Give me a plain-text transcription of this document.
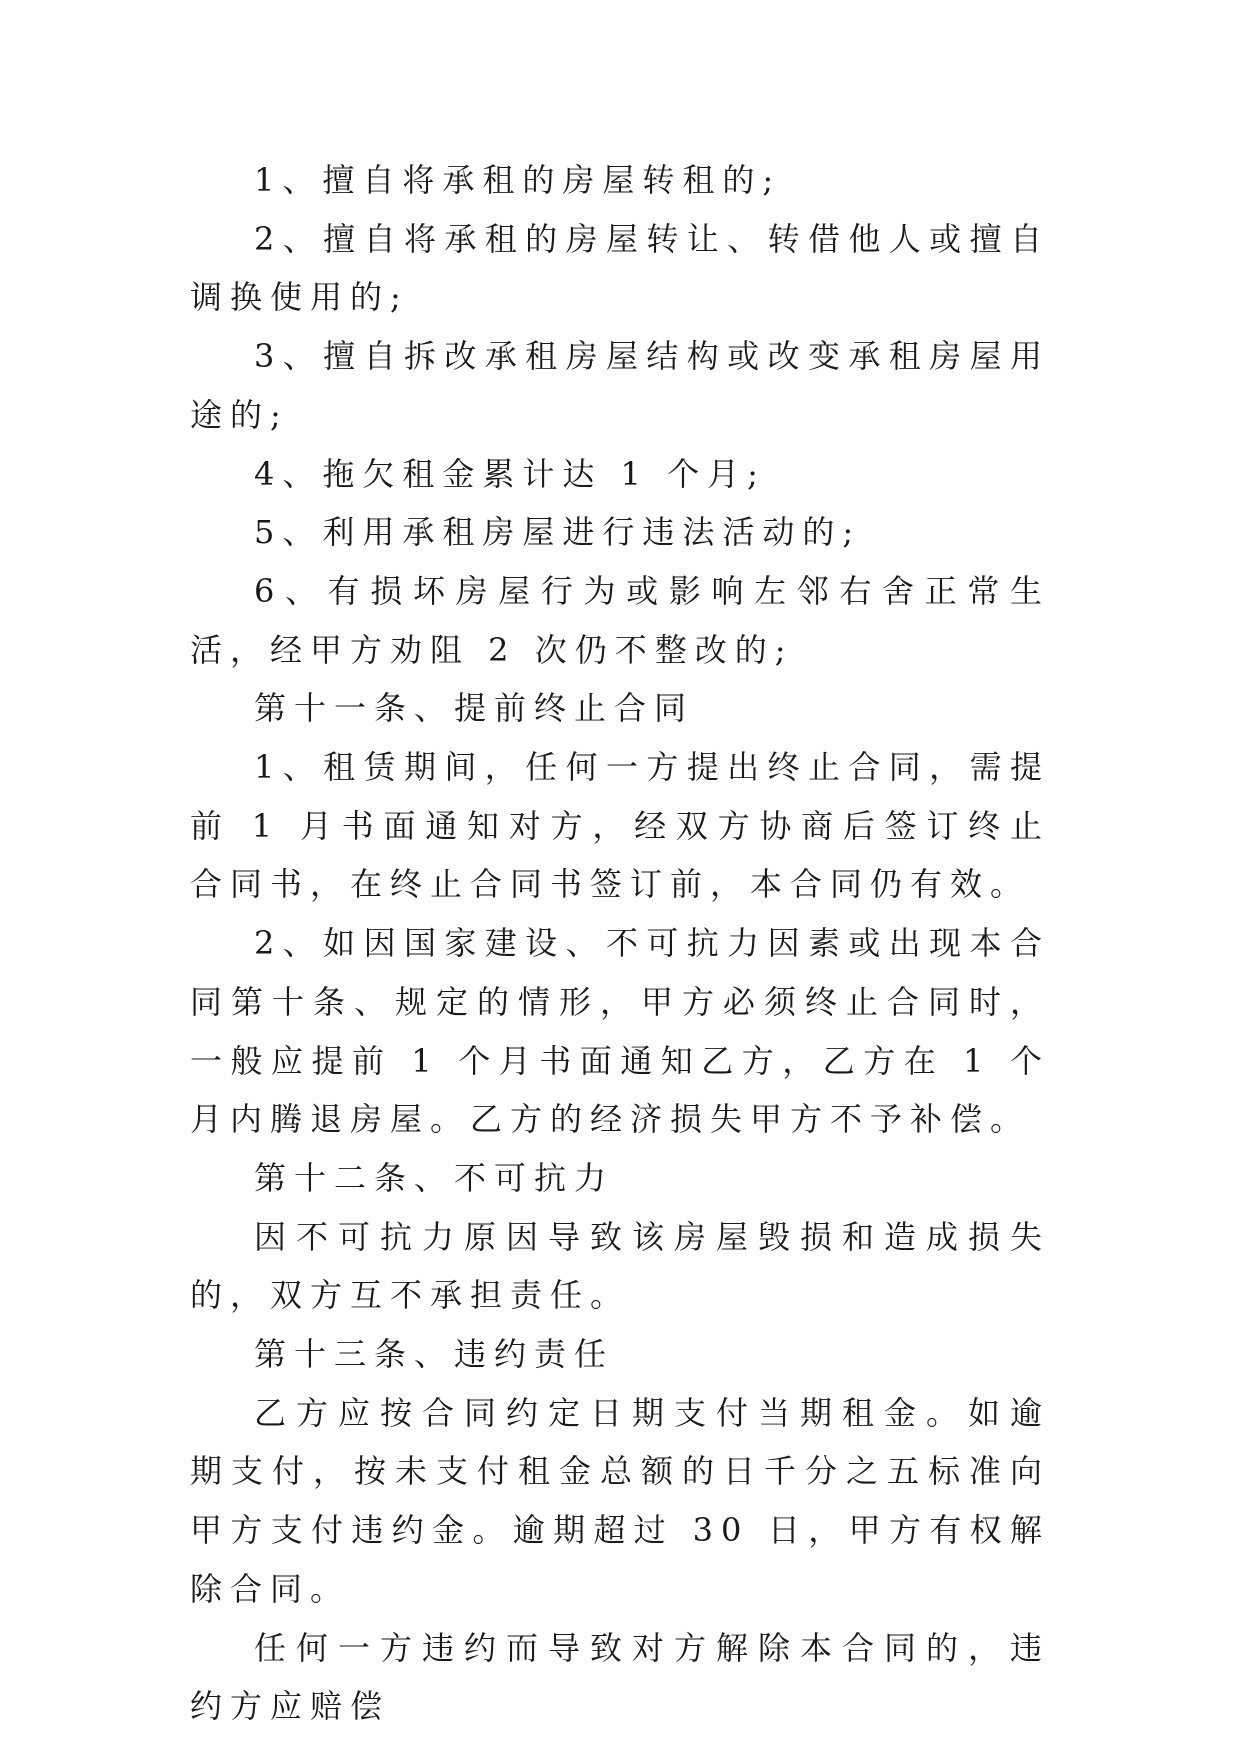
1、擅自将承租的房屋转租的;

2、擅自将承租的房屋转让、转借他人或擅自调换使用的;

3、擅自拆改承租房屋结构或改变承租房屋用途的;

4、拖欠租金累计达 1 个月;

5、利用承租房屋进行违法活动的;

6、有损坏房屋行为或影响左邻右舍正常生活，经甲方劝阻 2 次仍不整改的;

第十一条、提前终止合同

1、租赁期间，任何一方提出终止合同，需提前 1 月书面通知对方，经双方协商后签订终止合同书，在终止合同书签订前，本合同仍有效。

2、如因国家建设、不可抗力因素或出现本合同第十条、规定的情形，甲方必须终止合同时，一般应提前 1 个月书面通知乙方，乙方在 1 个月内腾退房屋。乙方的经济损失甲方不予补偿。

第十二条、不可抗力

因不可抗力原因导致该房屋毁损和造成损失的，双方互不承担责任。

第十三条、违约责任

乙方应按合同约定日期支付当期租金。如逾期支付，按未支付租金总额的日千分之五标准向甲方支付违约金。逾期超过 30 日，甲方有权解除合同。

任何一方违约而导致对方解除本合同的，违约方应赔偿
